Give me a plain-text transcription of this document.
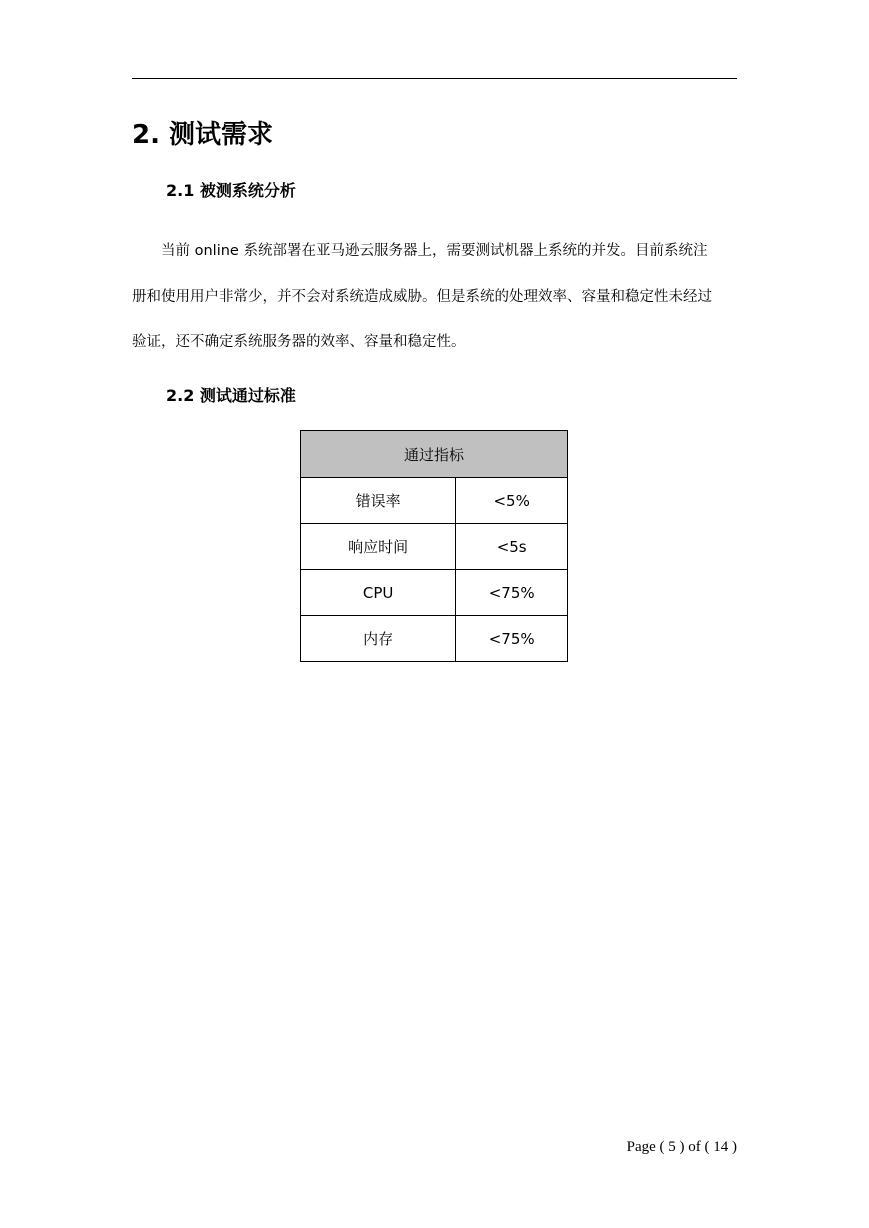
2. 测试需求
2.1 被测系统分析
当前 online 系统部署在亚马逊云服务器上，需要测试机器上系统的并发。目前系统注
册和使用用户非常少，并不会对系统造成威胁。但是系统的处理效率、容量和稳定性未经过
验证，还不确定系统服务器的效率、容量和稳定性。
2.2 测试通过标准
通过指标	
错误率	<5%
响应时间	<5s
CPU	<75%
内存	<75%
Page ( 5 ) of ( 14 )
